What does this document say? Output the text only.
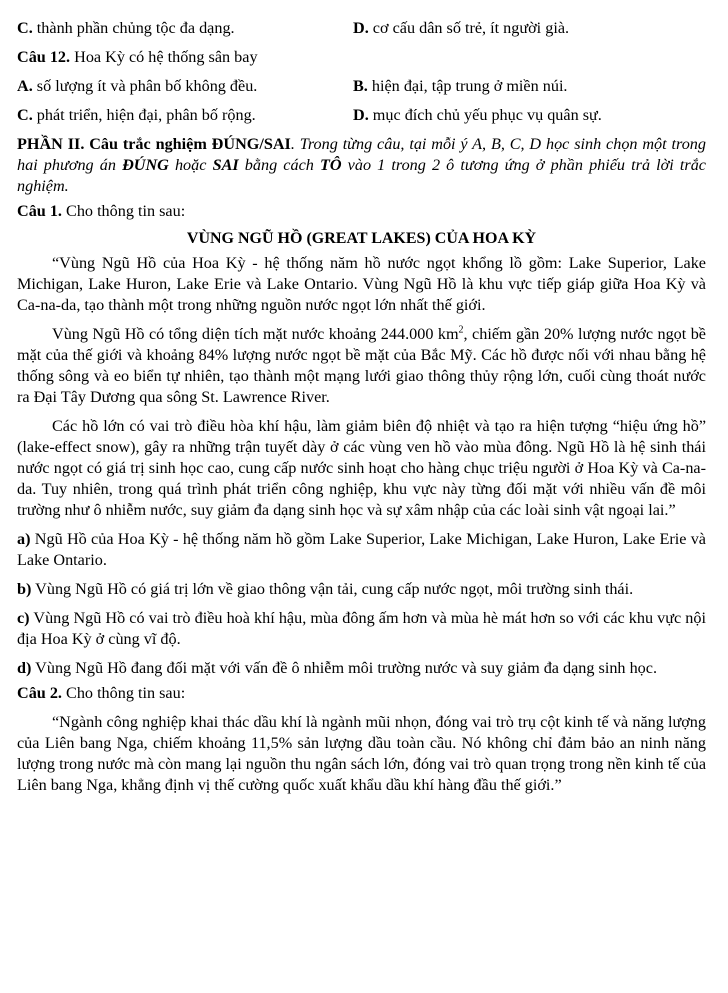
C. thành phần chủng tộc đa dạng.	D. cơ cấu dân số trẻ, ít người già.

Câu 12. Hoa Kỳ có hệ thống sân bay

A. số lượng ít và phân bố không đều.	B. hiện đại, tập trung ở miền núi.
C. phát triển, hiện đại, phân bố rộng.	D. mục đích chủ yếu phục vụ quân sự.

PHẦN II. Câu trắc nghiệm ĐÚNG/SAI. Trong từng câu, tại mỗi ý A, B, C, D học sinh chọn một trong hai phương án ĐÚNG hoặc SAI bằng cách TÔ vào 1 trong 2 ô tương ứng ở phần phiếu trả lời trắc nghiệm.

Câu 1. Cho thông tin sau:

VÙNG NGŨ HỒ (GREAT LAKES) CỦA HOA KỲ

“Vùng Ngũ Hồ của Hoa Kỳ - hệ thống năm hồ nước ngọt khổng lồ gồm: Lake Superior, Lake Michigan, Lake Huron, Lake Erie và Lake Ontario. Vùng Ngũ Hồ là khu vực tiếp giáp giữa Hoa Kỳ và Ca-na-da, tạo thành một trong những nguồn nước ngọt lớn nhất thế giới.

Vùng Ngũ Hồ có tổng diện tích mặt nước khoảng 244.000 $km^2$, chiếm gần 20% lượng nước ngọt bề mặt của thế giới và khoảng 84% lượng nước ngọt bề mặt của Bắc Mỹ. Các hồ được nối với nhau bằng hệ thống sông và eo biển tự nhiên, tạo thành một mạng lưới giao thông thủy rộng lớn, cuối cùng thoát nước ra Đại Tây Dương qua sông St. Lawrence River.

Các hồ lớn có vai trò điều hòa khí hậu, làm giảm biên độ nhiệt và tạo ra hiện tượng “hiệu ứng hồ” (lake-effect snow), gây ra những trận tuyết dày ở các vùng ven hồ vào mùa đông. Ngũ Hồ là hệ sinh thái nước ngọt có giá trị sinh học cao, cung cấp nước sinh hoạt cho hàng chục triệu người ở Hoa Kỳ và Ca-na-da. Tuy nhiên, trong quá trình phát triển công nghiệp, khu vực này từng đối mặt với nhiều vấn đề môi trường như ô nhiễm nước, suy giảm đa dạng sinh học và sự xâm nhập của các loài sinh vật ngoại lai.”

a) Ngũ Hồ của Hoa Kỳ - hệ thống năm hồ gồm Lake Superior, Lake Michigan, Lake Huron, Lake Erie và Lake Ontario.

b) Vùng Ngũ Hồ có giá trị lớn về giao thông vận tải, cung cấp nước ngọt, môi trường sinh thái.

c) Vùng Ngũ Hồ có vai trò điều hoà khí hậu, mùa đông ấm hơn và mùa hè mát hơn so với các khu vực nội địa Hoa Kỳ ở cùng vĩ độ.

d) Vùng Ngũ Hồ đang đối mặt với vấn đề ô nhiễm môi trường nước và suy giảm đa dạng sinh học.

Câu 2. Cho thông tin sau:

“Ngành công nghiệp khai thác dầu khí là ngành mũi nhọn, đóng vai trò trụ cột kinh tế và năng lượng của Liên bang Nga, chiếm khoảng 11,5% sản lượng dầu toàn cầu. Nó không chỉ đảm bảo an ninh năng lượng trong nước mà còn mang lại nguồn thu ngân sách lớn, đóng vai trò quan trọng trong nền kinh tế của Liên bang Nga, khẳng định vị thế cường quốc xuất khẩu dầu khí hàng đầu thế giới.”
